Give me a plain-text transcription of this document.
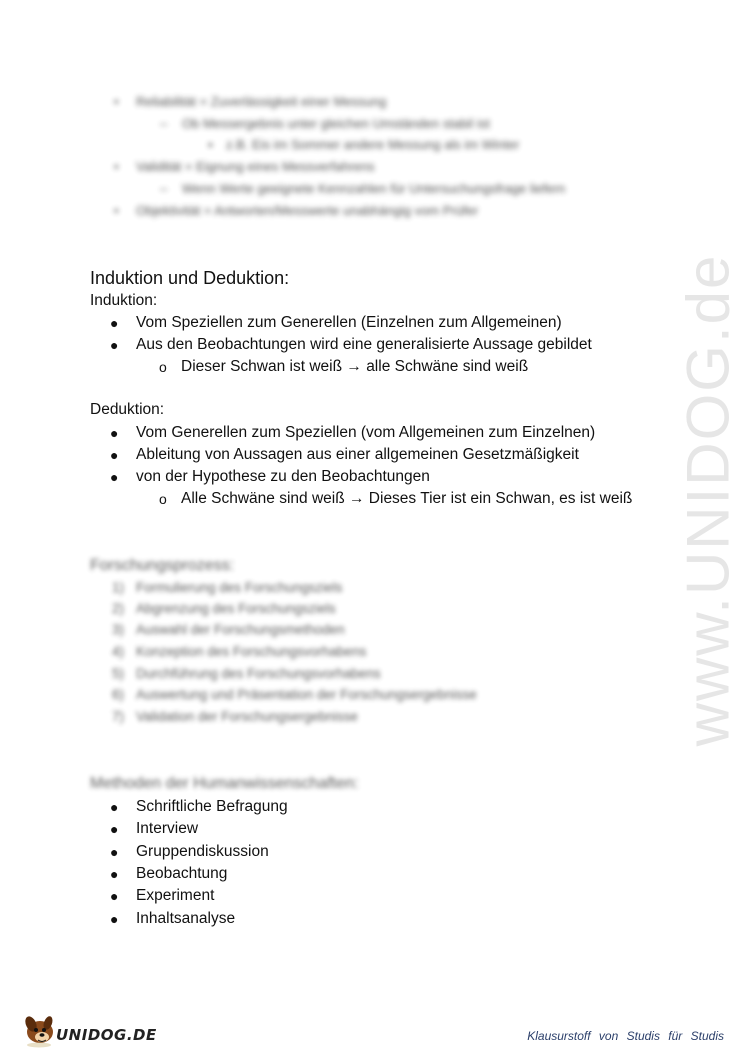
www.UNIDOG.de
• Reliabilität = Zuverlässigkeit einer Messung
– Ob Messergebnis unter gleichen Umständen stabil ist
▪ z.B. Eis im Sommer andere Messung als im Winter
• Validität = Eignung eines Messverfahrens
– Wenn Werte geeignete Kennzahlen für Untersuchungsfrage liefern
• Objektivität = Antworten/Messwerte unabhängig vom Prüfer
Induktion und Deduktion:
Induktion:
● Vom Speziellen zum Generellen (Einzelnen zum Allgemeinen)
● Aus den Beobachtungen wird eine generalisierte Aussage gebildet
o Dieser Schwan ist weiß → alle Schwäne sind weiß
Deduktion:
● Vom Generellen zum Speziellen (vom Allgemeinen zum Einzelnen)
● Ableitung von Aussagen aus einer allgemeinen Gesetzmäßigkeit
● von der Hypothese zu den Beobachtungen
o Alle Schwäne sind weiß → Dieses Tier ist ein Schwan, es ist weiß
Forschungsprozess:
1) Formulierung des Forschungsziels
2) Abgrenzung des Forschungsziels
3) Auswahl der Forschungsmethoden
4) Konzeption des Forschungsvorhabens
5) Durchführung des Forschungsvorhabens
6) Auswertung und Präsentation der Forschungsergebnisse
7) Validation der Forschungsergebnisse
Methoden der Humanwissenschaften:
● Schriftliche Befragung
● Interview
● Gruppendiskussion
● Beobachtung
● Experiment
● Inhaltsanalyse
UNIDOG.DE	Klausurstoff von Studis für Studis
